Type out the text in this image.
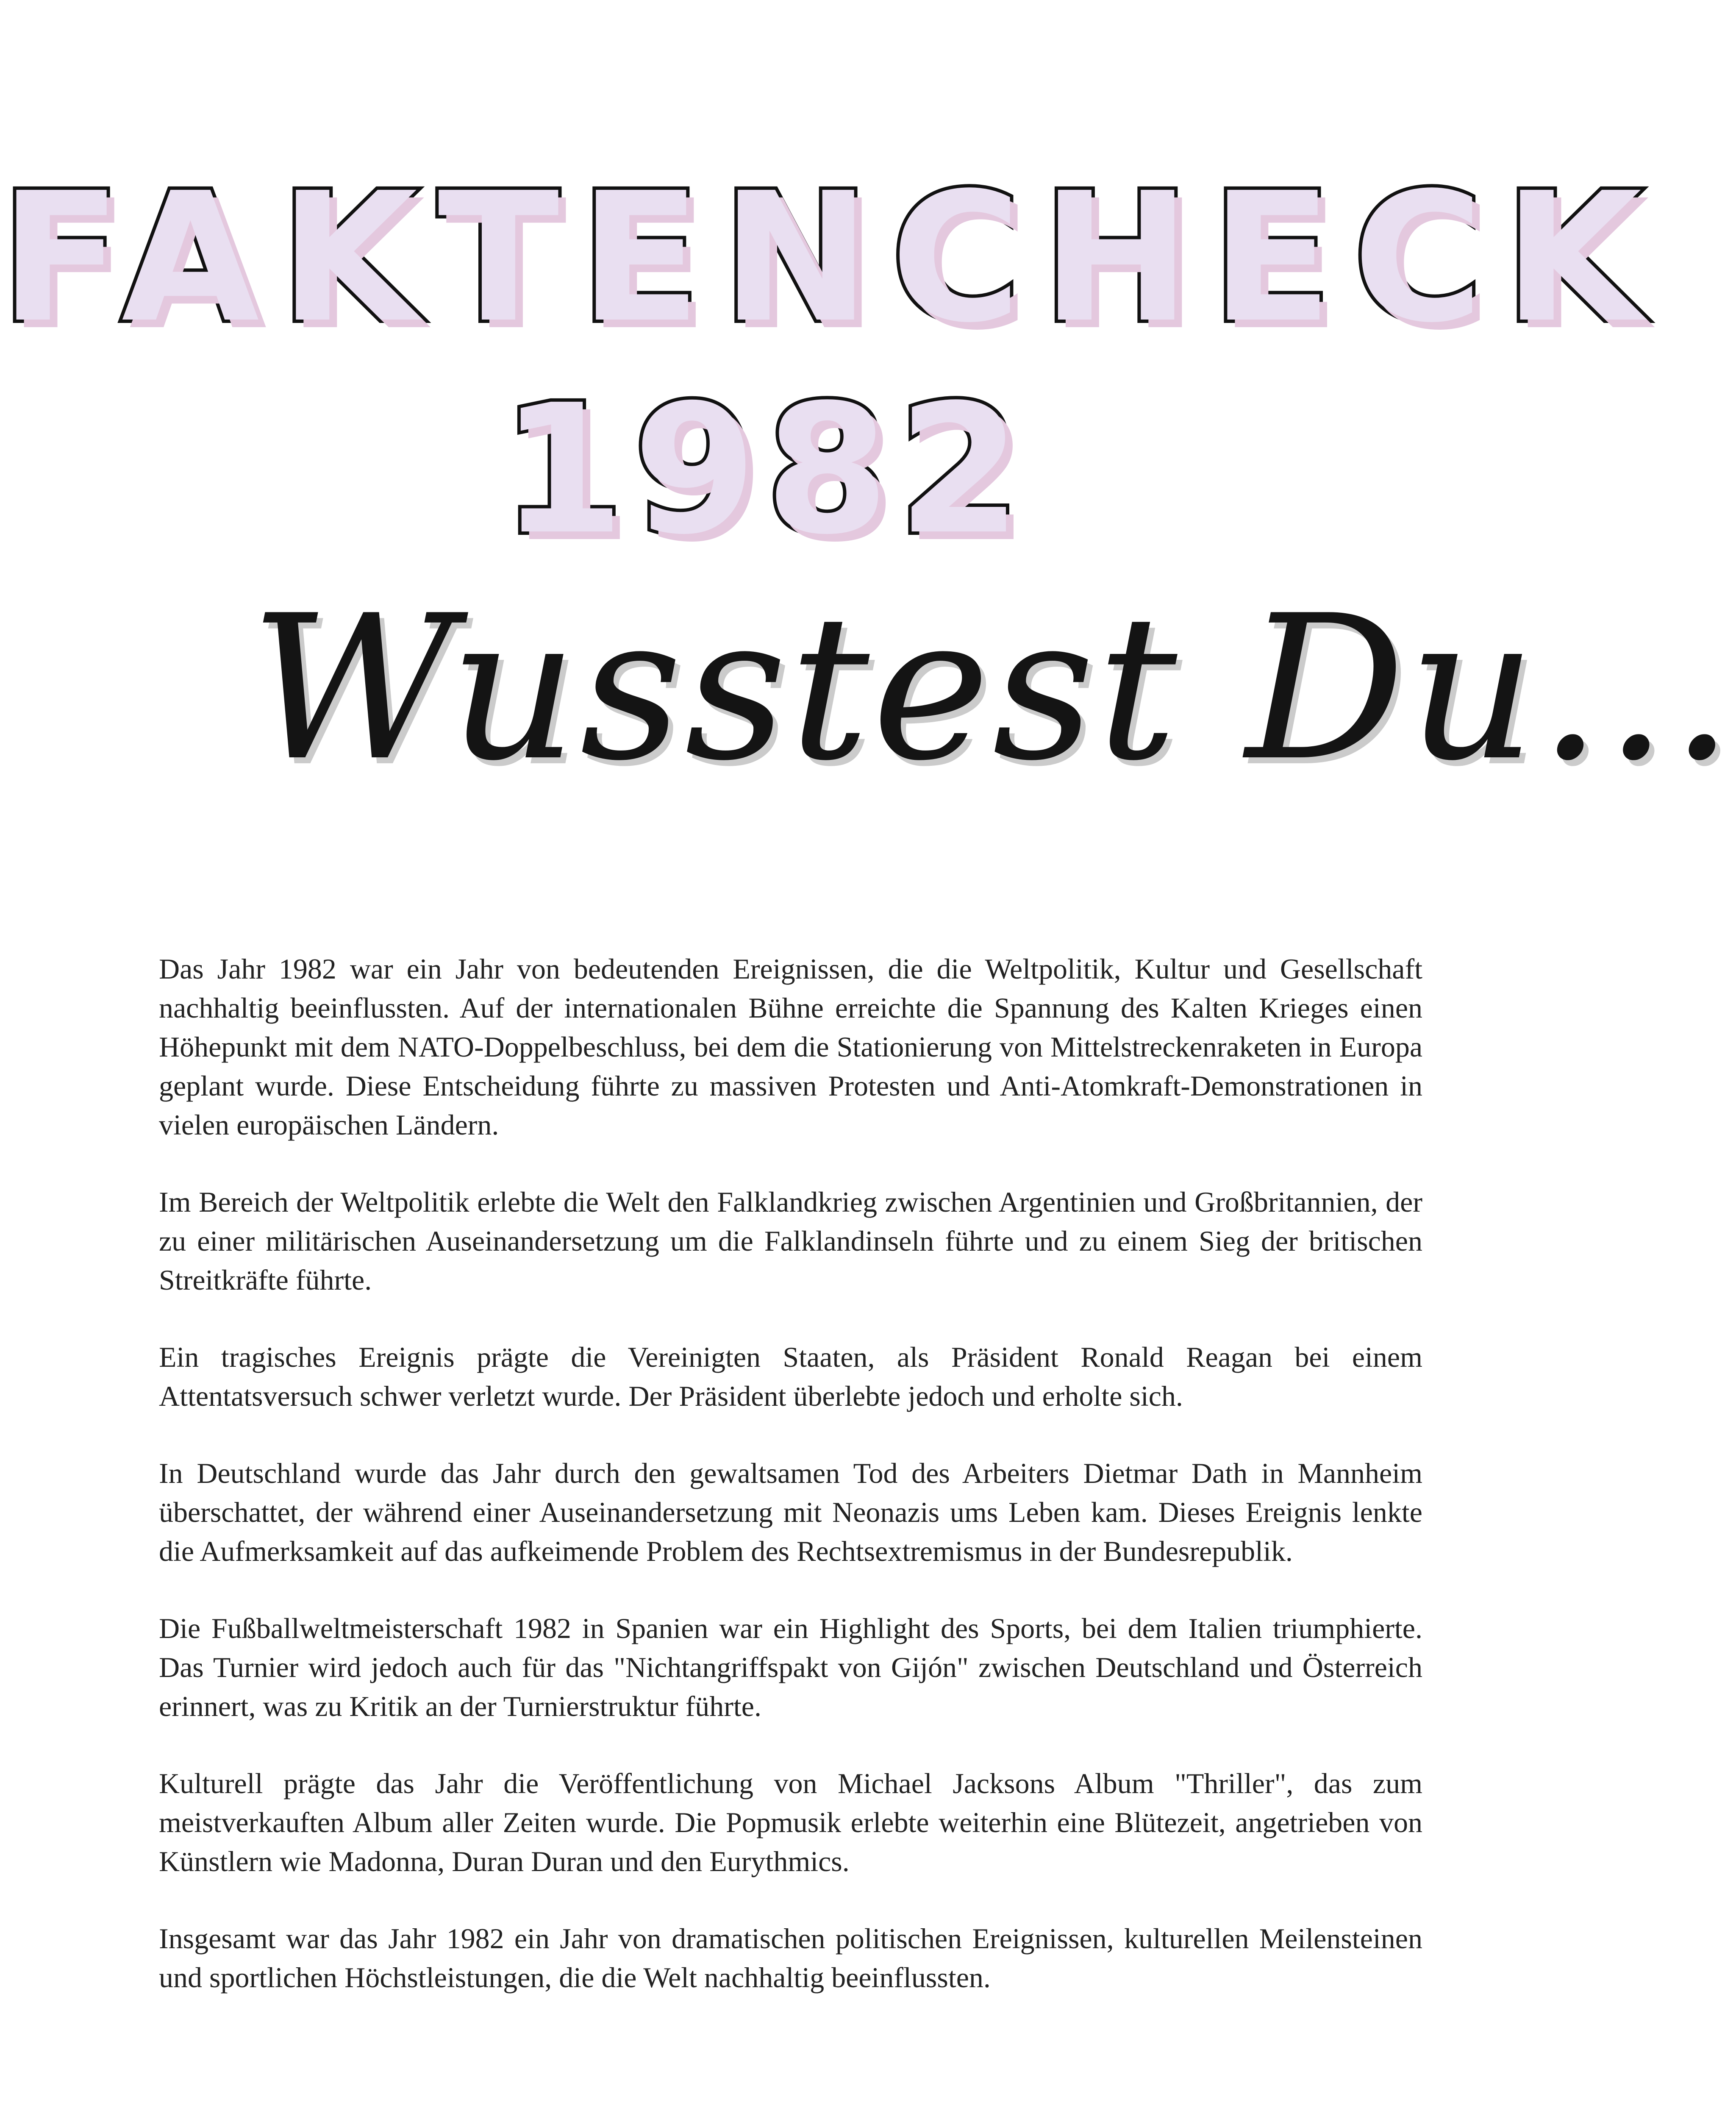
FAKTENCHECK
1982
Wusstest Du...

Das Jahr 1982 war ein Jahr von bedeutenden Ereignissen, die die Weltpolitik, Kultur und Gesellschaft nachhaltig beeinflussten. Auf der internationalen Bühne erreichte die Spannung des Kalten Krieges einen Höhepunkt mit dem NATO-Doppelbeschluss, bei dem die Stationierung von Mittelstreckenraketen in Europa geplant wurde. Diese Entscheidung führte zu massiven Protesten und Anti-Atomkraft-Demonstrationen in vielen europäischen Ländern.

Im Bereich der Weltpolitik erlebte die Welt den Falklandkrieg zwischen Argentinien und Großbritannien, der zu einer militärischen Auseinandersetzung um die Falklandinseln führte und zu einem Sieg der britischen Streitkräfte führte.

Ein tragisches Ereignis prägte die Vereinigten Staaten, als Präsident Ronald Reagan bei einem Attentatsversuch schwer verletzt wurde. Der Präsident überlebte jedoch und erholte sich.

In Deutschland wurde das Jahr durch den gewaltsamen Tod des Arbeiters Dietmar Dath in Mannheim überschattet, der während einer Auseinandersetzung mit Neonazis ums Leben kam. Dieses Ereignis lenkte die Aufmerksamkeit auf das aufkeimende Problem des Rechtsextremismus in der Bundesrepublik.

Die Fußballweltmeisterschaft 1982 in Spanien war ein Highlight des Sports, bei dem Italien triumphierte. Das Turnier wird jedoch auch für das "Nichtangriffspakt von Gijón" zwischen Deutschland und Österreich erinnert, was zu Kritik an der Turnierstruktur führte.

Kulturell prägte das Jahr die Veröffentlichung von Michael Jacksons Album "Thriller", das zum meistverkauften Album aller Zeiten wurde. Die Popmusik erlebte weiterhin eine Blütezeit, angetrieben von Künstlern wie Madonna, Duran Duran und den Eurythmics.

Insgesamt war das Jahr 1982 ein Jahr von dramatischen politischen Ereignissen, kulturellen Meilensteinen und sportlichen Höchstleistungen, die die Welt nachhaltig beeinflussten.
